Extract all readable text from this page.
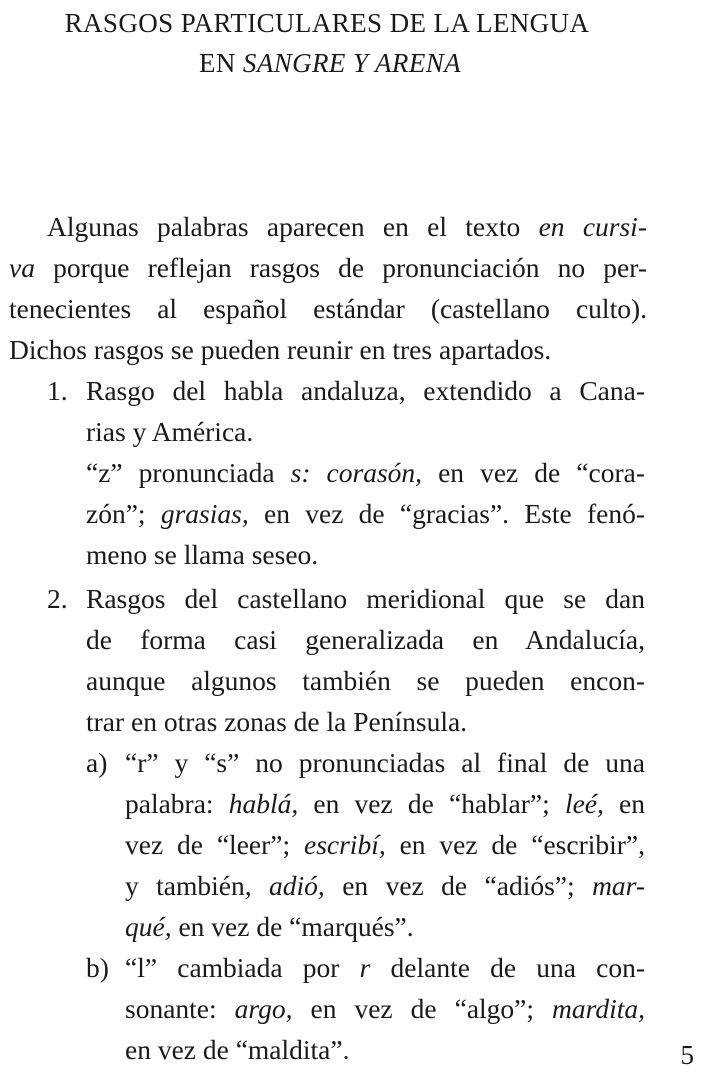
RASGOS PARTICULARES DE LA LENGUA
EN SANGRE Y ARENA
Algunas palabras aparecen en el texto en cursi-
va porque reflejan rasgos de pronunciación no per-
tenecientes al español estándar (castellano culto).
Dichos rasgos se pueden reunir en tres apartados.
1. Rasgo del habla andaluza, extendido a Cana-
rias y América.
“z” pronunciada s: corasón, en vez de “cora-
zón”; grasias, en vez de “gracias”. Este fenó-
meno se llama seseo.
2. Rasgos del castellano meridional que se dan
de forma casi generalizada en Andalucía,
aunque algunos también se pueden encon-
trar en otras zonas de la Península.
a) “r” y “s” no pronunciadas al final de una
palabra: hablá, en vez de “hablar”; leé, en
vez de “leer”; escribí, en vez de “escribir”,
y también, adió, en vez de “adiós”; mar-
qué, en vez de “marqués”.
b) “l” cambiada por r delante de una con-
sonante: argo, en vez de “algo”; mardita,
en vez de “maldita”.	5
